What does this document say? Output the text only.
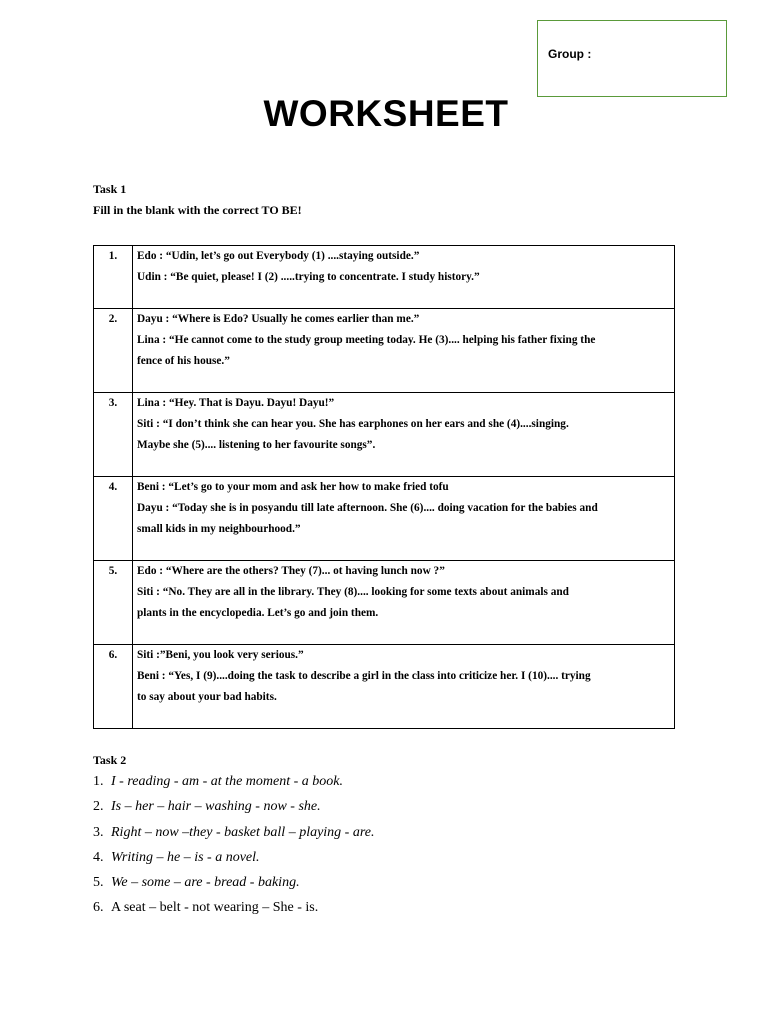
Group :
WORKSHEET
Task 1
Fill in the blank with the correct TO BE!
1.	Edo : “Udin, let’s go out Everybody (1) ....staying outside.”
Udin : “Be quiet, please! I (2) .....trying to concentrate. I study history.”

2.	Dayu : “Where is Edo? Usually he comes earlier than me.”
Lina : “He cannot come to the study group meeting today. He (3).... helping his father fixing the
fence of his house.”

3.	Lina : “Hey. That is Dayu. Dayu! Dayu!”
Siti : “I don’t think she can hear you. She has earphones on her ears and she (4)....singing.
Maybe she (5).... listening to her favourite songs”.

4.	Beni : “Let’s go to your mom and ask her how to make fried tofu
Dayu : “Today she is in posyandu till late afternoon. She (6).... doing vacation for the babies and
small kids in my neighbourhood.”

5.	Edo : “Where are the others? They (7)... ot having lunch now ?”
Siti : “No. They are all in the library. They (8).... looking for some texts about animals and
plants in the encyclopedia. Let’s go and join them.

6.	Siti :”Beni, you look very serious.”
Beni : “Yes, I (9)....doing the task to describe a girl in the class into criticize her. I (10).... trying
to say about your bad habits.
Task 2
1. I - reading - am - at the moment - a book.
2. Is – her – hair – washing - now - she.
3. Right – now –they - basket ball – playing - are.
4. Writing – he – is - a novel.
5. We – some – are - bread - baking.
6. A seat – belt - not wearing – She - is.
